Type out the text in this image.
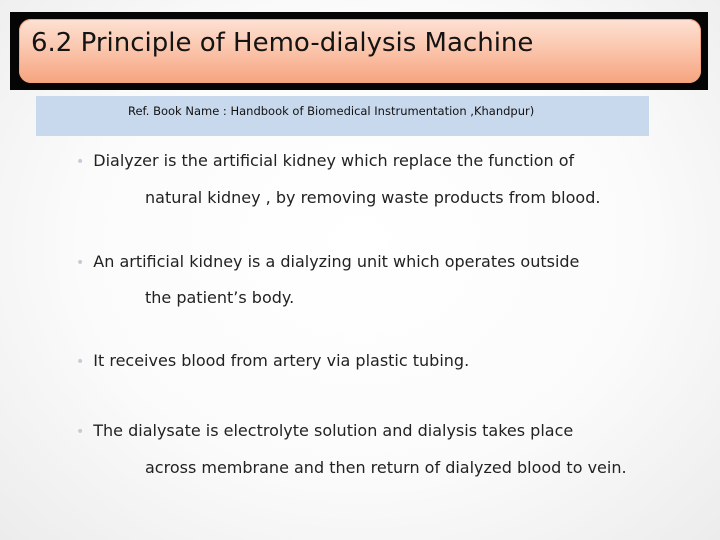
6.2 Principle of Hemo-dialysis Machine
Ref. Book Name : Handbook of Biomedical Instrumentation ,Khandpur)
• Dialyzer is the artificial kidney which replace the function of
natural kidney , by removing waste products from blood.
• An artificial kidney is a dialyzing unit which operates outside
the patient’s body.
• It receives blood from artery via plastic tubing.
• The dialysate is electrolyte solution and dialysis takes place
across membrane and then return of dialyzed blood to vein.
